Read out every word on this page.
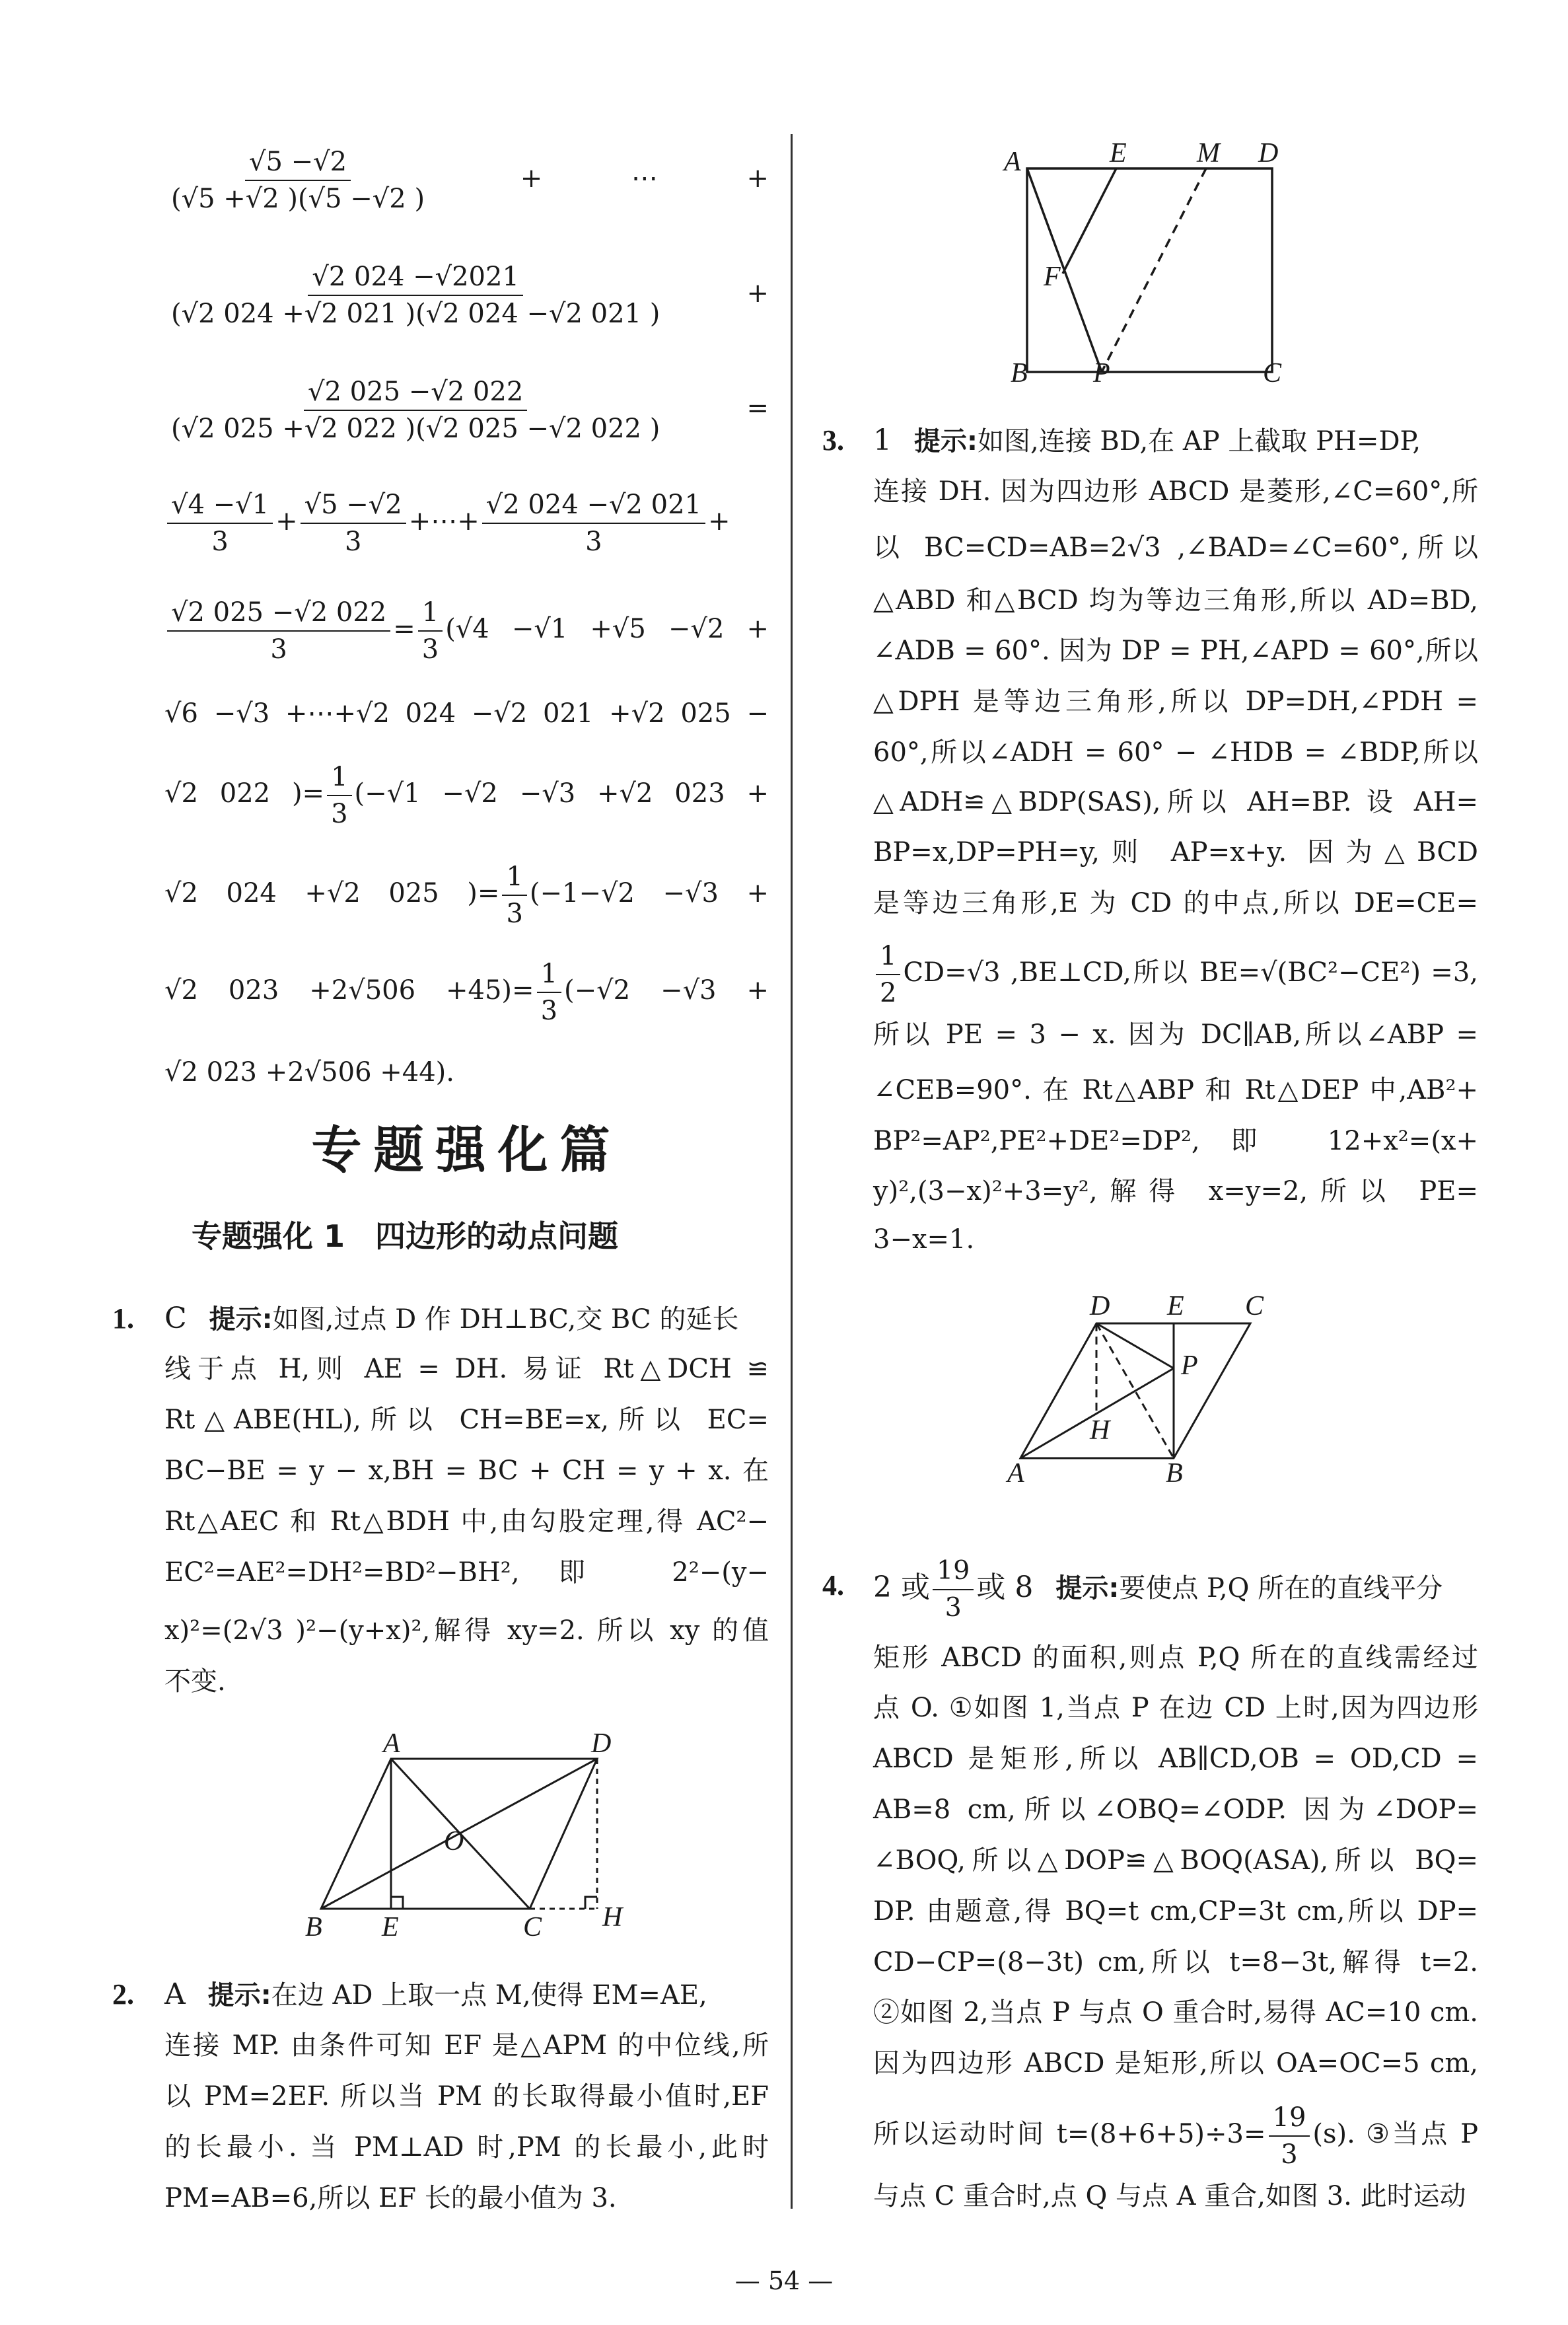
专题强化篇
专题强化 1　四边形的动点问题
— 54 —
A	E	M D
F
B P	C
D E C
P
H
A	B
A	D
O
B E	C H
$\frac{√5 -√2}{(√5 +√2 )(√5 -√2 )}$ + ⋯ +
$\frac{√2 024 -√2021}{(√2 024 +√2 021 )(√2 024 -√2 021 )}$ +
$\frac{√2 025 -√2 022}{(√2 025 +√2 022 )(√2 025 -√2 022 )}$ =
$\frac{√4 -√1}{3} + \frac{√5 -√2}{3}$ +⋯+ $\frac{√2 024 -√2 021}{3}$ +
$\frac{√2 025 -√2 022}{3} = \frac{1}{3} (√4 -√1 +√5 -√2$ +
√6 −√3 +⋯+√2 024 −√2 021 +√2 025 −
√2 022 )= $\frac{1}{3} (-√1 -√2 -√3 +√2$ 023 +
√2 024 +√2 025 )= $\frac{1}{3} (-1-√2 -√3$ +
√2 $023 +2√506 +45)= \frac{1}{3} (-√2 -√3$ +
√2 023 +2√506 +44).
1. C 提示:如图,过点 D 作 DH⊥BC,交 BC 的延长
线于点 H,则 AE = DH. 易证 Rt△DCH ≌
Rt△ABE(HL),所以 CH=BE=x,所以 EC=
BC−BE = y − x,BH = BC + CH = y + x. 在
Rt△AEC 和 Rt△BDH 中,由勾股定理,得 AC²−
EC²=AE²=DH²=BD²−BH²,即 2²−(y−
x)²=(2√3 )²−(y+x)²,解得 xy=2. 所以 xy 的值
不变.
2. A 提示:在边 AD 上取一点 M,使得 EM=AE,
连接 MP. 由条件可知 EF 是△APM 的中位线,所
以 PM=2EF. 所以当 PM 的长取得最小值时,EF
的长最小. 当 PM⊥AD 时,PM 的长最小,此时
PM=AB=6,所以 EF 长的最小值为 3.
3. 1 提示:如图,连接 BD,在 AP 上截取 PH=DP,
连接 DH. 因为四边形 ABCD 是菱形,∠C=60°,所
以 BC=CD=AB=2√3 ,∠BAD=∠C=60°,所以
△ABD 和△BCD 均为等边三角形,所以 AD=BD,
∠ADB = 60°. 因为 DP = PH,∠APD = 60°,所以
△DPH 是等边三角形,所以 DP=DH,∠PDH =
60°,所以∠ADH = 60° − ∠HDB = ∠BDP,所以
△ADH≌△BDP(SAS),所以 AH=BP. 设 AH=
BP=x,DP=PH=y,则 AP=x+y. 因为△BCD
是等边三角形,E 为 CD 的中点,所以 DE=CE=
$\frac{1}{2} CD=√3$ ,BE⊥CD,所以 BE=√(BC²−CE²) =3,
所以 PE = 3 − x. 因为 DC∥AB,所以∠ABP =
∠CEB=90°. 在 Rt△ABP 和 Rt△DEP 中,AB²+
BP²=AP²,PE²+DE²=DP²,即 12+x²=(x+
y)²,(3−x)²+3=y²,解得 x=y=2,所以 PE=
3−x=1.
4. 2 或 $\frac{19}{3}$ 或 8 提示:要使点 P,Q 所在的直线平分
矩形 ABCD 的面积,则点 P,Q 所在的直线需经过
点 O. ①如图 1,当点 P 在边 CD 上时,因为四边形
ABCD 是矩形,所以 AB∥CD,OB = OD,CD =
AB=8 cm,所以∠OBQ=∠ODP. 因为∠DOP=
∠BOQ,所以△DOP≌△BOQ(ASA),所以 BQ=
DP. 由题意,得 BQ=t cm,CP=3t cm,所以 DP=
CD−CP=(8−3t) cm,所以 t=8−3t,解得 t=2.
②如图 2,当点 P 与点 O 重合时,易得 AC=10 cm.
因为四边形 ABCD 是矩形,所以 OA=OC=5 cm,
所以运动时间 $t=(8+6+5)\div 3= \frac{19}{3} (s)$. ③当点 P
与点 C 重合时,点 Q 与点 A 重合,如图 3. 此时运动
